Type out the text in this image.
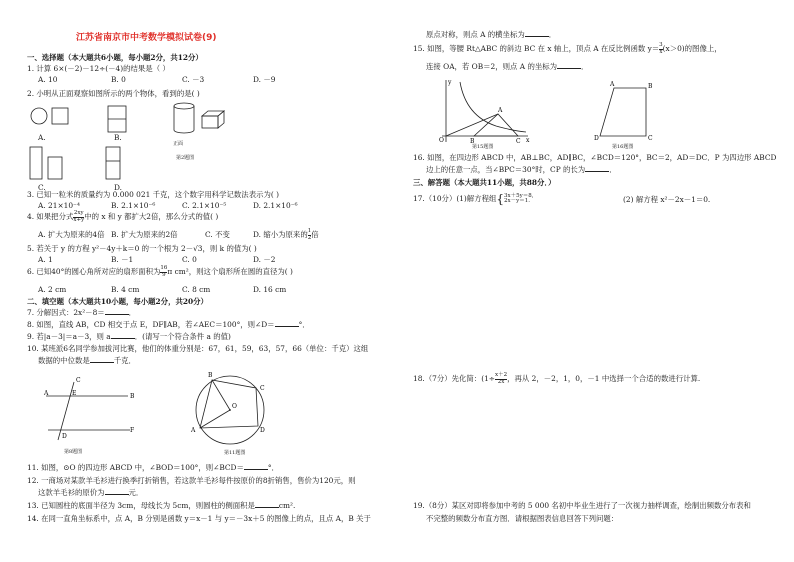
江苏省南京市中考数学模拟试卷(9)
一、选择题（本大题共6小题，每小题2分，共12分）
1. 计算 6×(－2)－12÷(－4)的结果是（ ）
A. 10	B. 0	C. －3	D. －9
2. 小明从正面观察如图所示的两个物体，看到的是( )
A.	B.
正面
第2题图
C.	D.
3. 已知一粒米的质量约为 0.000 021 千克，这个数字用科学记数法表示为( )
A. 21×10⁻⁴	B. 2.1×10⁻⁶	C. 2.1×10⁻⁵	D. 2.1×10⁻⁶
4. 如果把分式 $\frac{2xy}{x+y}$ 中的 x 和 y 都扩大2倍，那么分式的值( )
A. 扩大为原来的4倍 B. 扩大为原来的2倍	C. 不变	D. 缩小为原来的 $\frac{1}{2}$ 倍
5. 若关于 y 的方程 y²－4y＋k＝0 的一个根为 2－√3，则 k 的值为( )
A. 1	B. －1	C. 0	D. －2
6. 已知40°的圆心角所对应的扇形面积为 $\frac{16}{9}$ π cm²，则这个扇形所在圆的直径为( )
A. 2 cm	B. 4 cm	C. 8 cm	D. 16 cm
二、填空题（本大题共10小题，每小题2分，共20分）
7. 分解因式：2x²－8＝	．
8. 如图，直线 AB，CD 相交于点 E，DF∥AB，若∠AEC＝100°，则∠D＝	°．
9. 若|a－3|＝a－3，则 a	．(请写一个符合条件 a 的值)
10. 某班派6名同学参加拔河比赛，他们的体重分别是：67，61，59，63，57，66（单位：千克）这组
数据的中位数是	千克．
C
A	E	B
D
F
第8题图
B
A
C
D
O
第11题图
11. 如图，⊙O 的四边形 ABCD 中，∠BOD＝100°，则∠BCD＝	°．
12. 一商场对某款羊毛衫进行换季打折销售，若这款羊毛衫每件按原价的8折销售，售价为120元，则
这款羊毛衫的原价为	元．
13. 已知圆柱的底面半径为 3cm，母线长为 5cm，则圆柱的侧面积是	cm².
14. 在同一直角坐标系中，点 A，B 分别是函数 y＝x－1 与 y＝－3x＋5 的图像上的点，且点 A，B 关于
原点对称，则点 A 的横坐标为	．
15. 如图，等腰 Rt△ABC 的斜边 BC 在 x 轴上，顶点 A 在反比例函数 $y= \frac{3}{x} (x>0)$的图像上，
连接 OA，若 OB＝2，则点 A 的坐标为	．
O
y
x
A
B	C
第15题图
A	B
C
D
第16题图
16. 如图，在四边形 ABCD 中，AB⊥BC，AD∥BC，∠BCD＝120°，BC＝2，AD＝DC．P 为四边形 ABCD
边上的任意一点，当∠BPC＝30°时，CP 的长为	．
三、解答题（本大题共11小题，共88分．）
17.（10分）(1)解方程组{ 3x＋5y＝8,
2x－y＝1.	(2) 解方程 x²－2x－1＝0.
18.（7分）先化简：($1\div \frac{x+2}{2x}$ ，再从 2，－2，1，0，－1 中选择一个合适的数进行计算.
19.（8分）某区对即将参加中考的 5 000 名初中毕业生进行了一次视力抽样调查，绘制出频数分布表和
不完整的频数分布直方图．请根据图表信息回答下列问题：
